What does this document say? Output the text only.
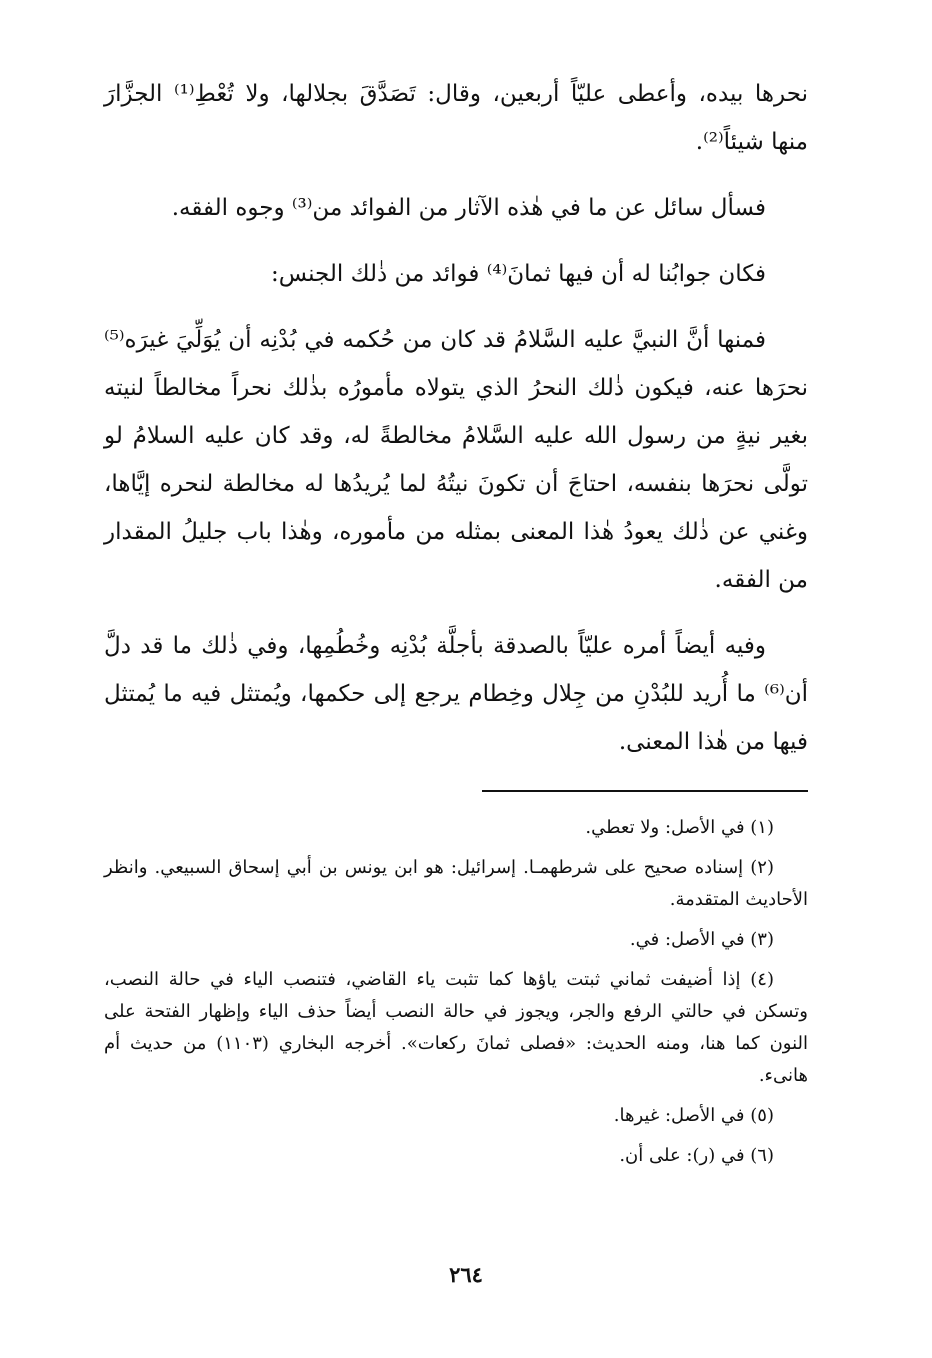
نحرها بيده، وأعطى عليّاً أربعين، وقال: تَصَدَّقَ بجلالها، ولا تُعْطِ⁽¹⁾ الجزَّارَ منها شيئاً⁽²⁾.

فسأل سائل عن ما في هٰذه الآثار من الفوائد من⁽³⁾ وجوه الفقه.

فكان جوابُنا له أن فيها ثمانَ⁽⁴⁾ فوائد من ذٰلك الجنس:

فمنها أنَّ النبيَّ عليه السَّلامُ قد كان من حُكمه في بُدْنِه أن يُوَلِّيَ غيرَه⁽⁵⁾ نحرَها عنه، فيكون ذٰلك النحرُ الذي يتولاه مأمورُه بذٰلك نحراً مخالطاً لنيته بغير نيةٍ من رسول الله عليه السَّلامُ مخالطةً له، وقد كان عليه السلامُ لو تولَّى نحرَها بنفسه، احتاجَ أن تكونَ نيتُهُ لما يُريدُها له مخالطة لنحره إيَّاها، وغني عن ذٰلك يعودُ هٰذا المعنى بمثله من مأموره، وهٰذا باب جليلُ المقدار من الفقه.

وفيه أيضاً أمره عليّاً بالصدقة بأجلَّة بُدْنِه وخُطُمِها، وفي ذٰلك ما قد دلَّ أن⁽⁶⁾ ما أُريد للبُدْنِ من جِلال وخِطام يرجع إلى حكمها، ويُمتثل فيه ما يُمتثل فيها من هٰذا المعنى.

(١) في الأصل: ولا تعطي.

(٢) إسناده صحيح على شرطهمـا. إسرائيل: هو ابن يونس بن أبي إسحاق السبيعي. وانظر الأحاديث المتقدمة.

(٣) في الأصل: في.

(٤) إذا أضيفت ثماني ثبتت ياؤها كما تثبت ياء القاضي، فتنصب الياء في حالة النصب، وتسكن في حالتي الرفع والجر، ويجوز في حالة النصب أيضاً حذف الياء وإظهار الفتحة على النون كما هنا، ومنه الحديث: «فصلى ثمانَ ركعات». أخرجه البخاري (١١٠٣) من حديث أم هانىء.

(٥) في الأصل: غيرها.

(٦) في (ر): على أن.

٢٦٤
